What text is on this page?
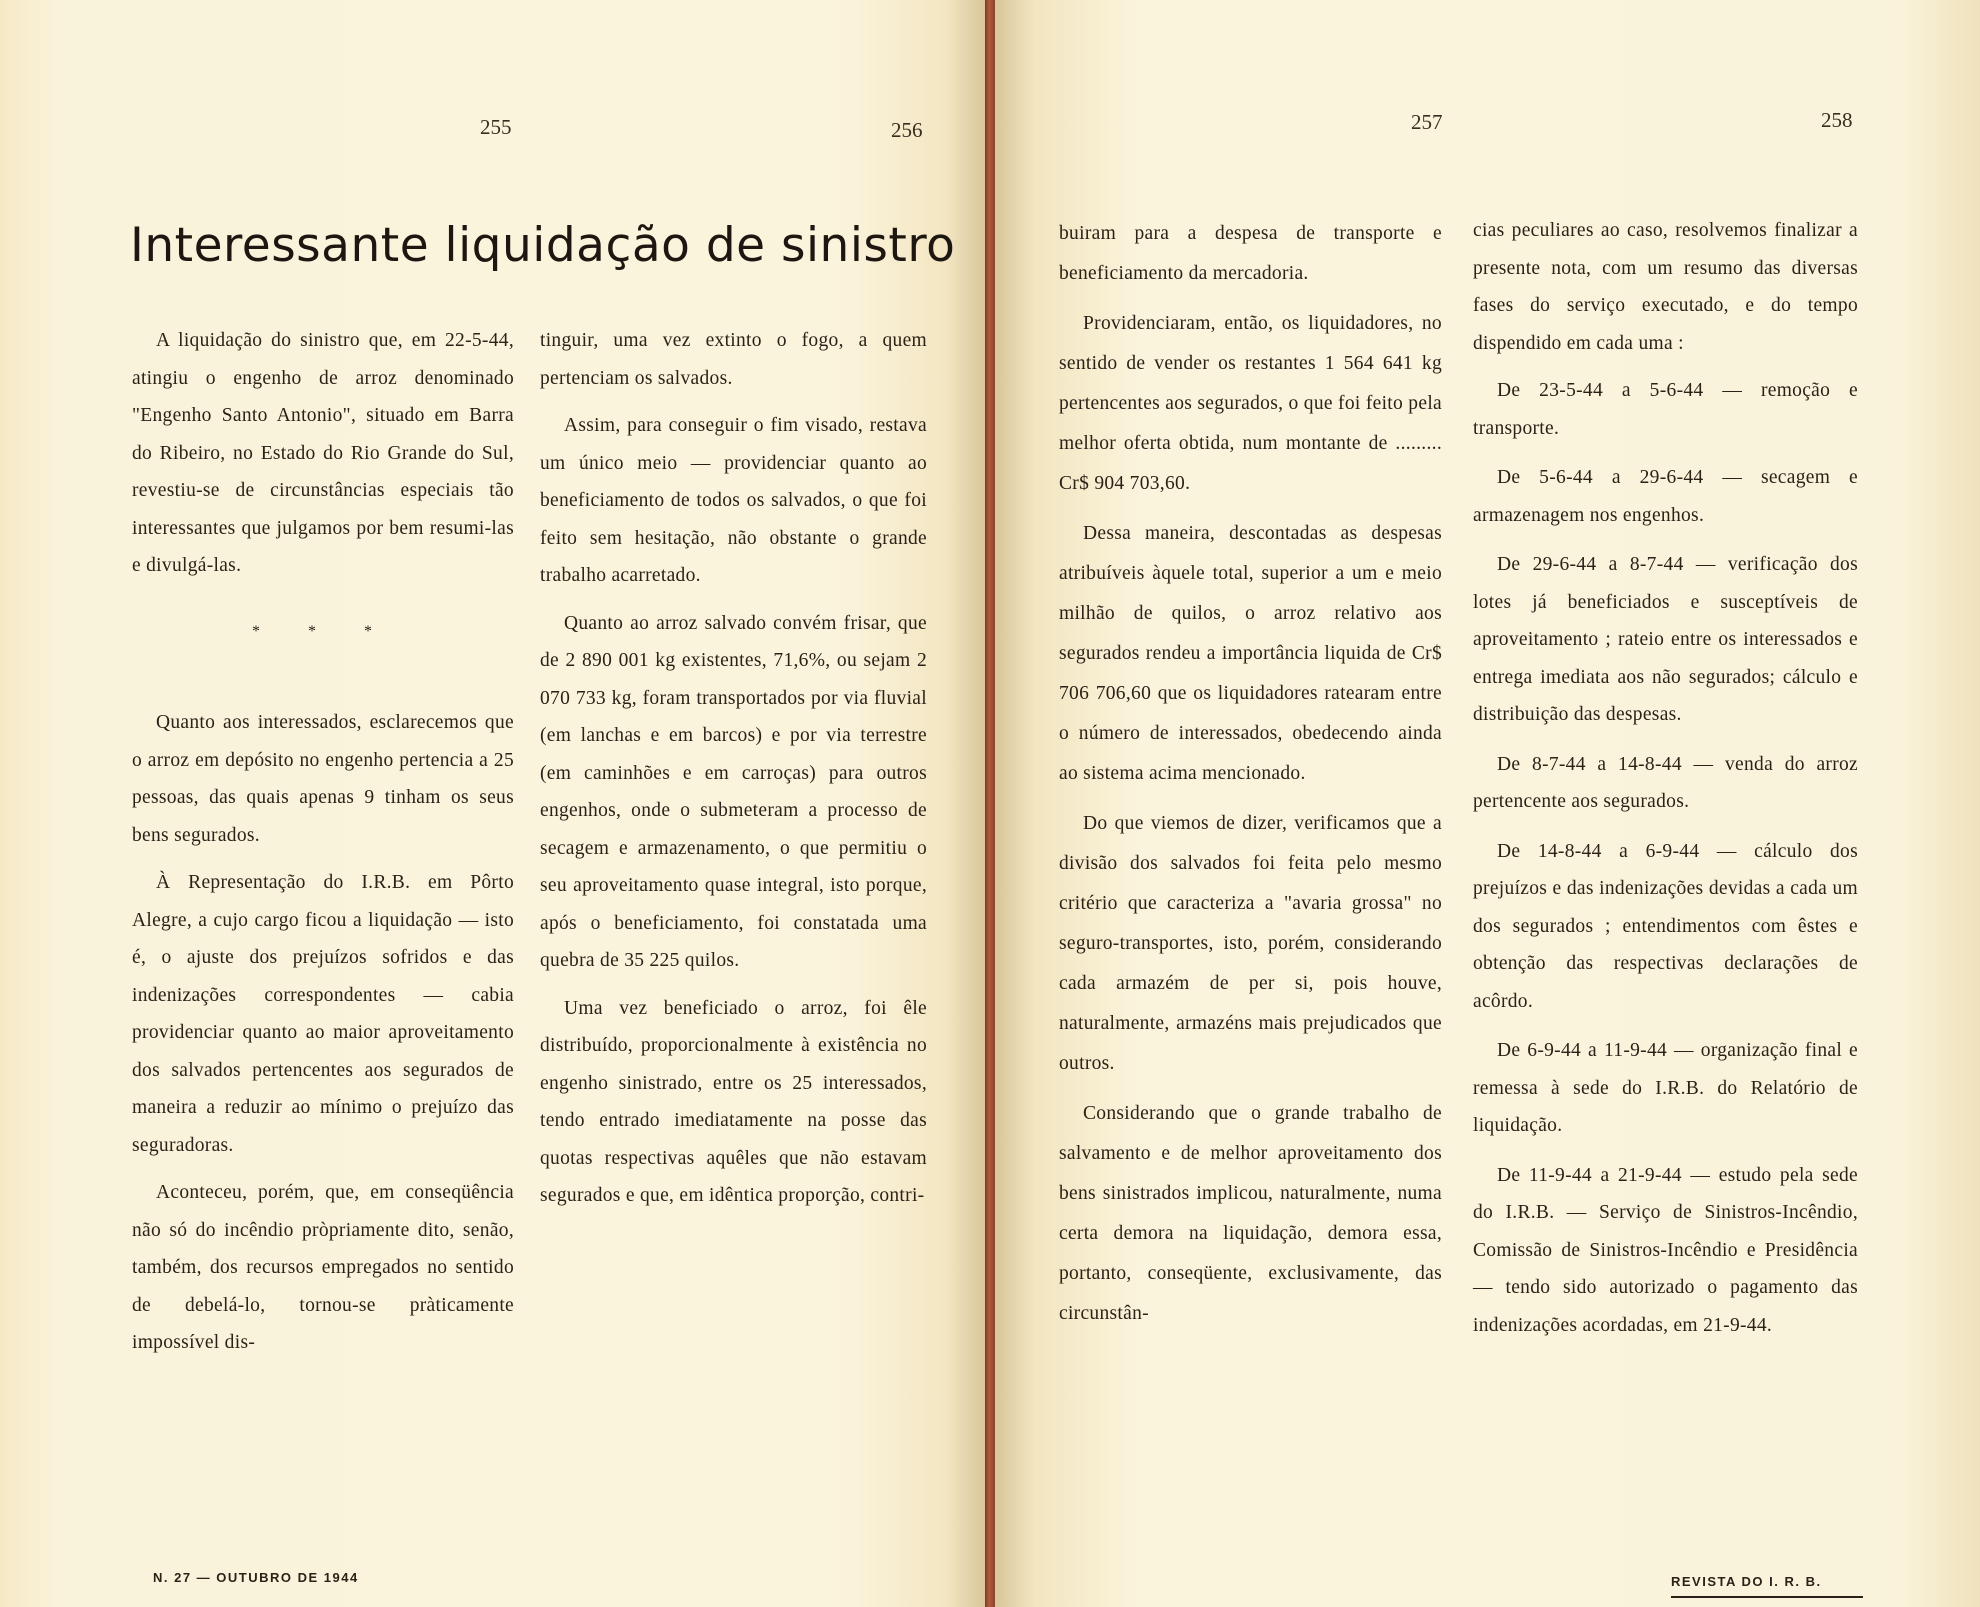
255	256
Interessante liquidação de sinistro

A liquidação do sinistro que, em 22-5-44, atingiu o engenho de arroz denominado "Engenho Santo Antonio", situado em Barra do Ribeiro, no Estado do Rio Grande do Sul, revestiu-se de circunstâncias especiais tão interessantes que julgamos por bem resumi-las e divulgá-las.

* * *

Quanto aos interessados, esclarecemos que o arroz em depósito no engenho pertencia a 25 pessoas, das quais apenas 9 tinham os seus bens segurados.

À Representação do I.R.B. em Pôrto Alegre, a cujo cargo ficou a liquidação — isto é, o ajuste dos prejuízos sofridos e das indenizações correspondentes — cabia providenciar quanto ao maior aproveitamento dos salvados pertencentes aos segurados de maneira a reduzir ao mínimo o prejuízo das seguradoras.

Aconteceu, porém, que, em conseqüência não só do incêndio pròpriamente dito, senão, também, dos recursos empregados no sentido de debelá-lo, tornou-se pràticamente impossível dis-

tinguir, uma vez extinto o fogo, a quem pertenciam os salvados.

Assim, para conseguir o fim visado, restava um único meio — providenciar quanto ao beneficiamento de todos os salvados, o que foi feito sem hesitação, não obstante o grande trabalho acarretado.

Quanto ao arroz salvado convém frisar, que de 2 890 001 kg existentes, 71,6%, ou sejam 2 070 733 kg, foram transportados por via fluvial (em lanchas e em barcos) e por via terrestre (em caminhões e em carroças) para outros engenhos, onde o submeteram a processo de secagem e armazenamento, o que permitiu o seu aproveitamento quase integral, isto porque, após o beneficiamento, foi constatada uma quebra de 35 225 quilos.

Uma vez beneficiado o arroz, foi êle distribuído, proporcionalmente à existência no engenho sinistrado, entre os 25 interessados, tendo entrado imediatamente na posse das quotas respectivas aquêles que não estavam segurados e que, em idêntica proporção, contri-

N. 27 — OUTUBRO DE 1944
257	258

buiram para a despesa de transporte e beneficiamento da mercadoria.

Providenciaram, então, os liquidadores, no sentido de vender os restantes 1 564 641 kg pertencentes aos segurados, o que foi feito pela melhor oferta obtida, num montante de ......... Cr$ 904 703,60.

Dessa maneira, descontadas as despesas atribuíveis àquele total, superior a um e meio milhão de quilos, o arroz relativo aos segurados rendeu a importância liquida de Cr$ 706 706,60 que os liquidadores ratearam entre o número de interessados, obedecendo ainda ao sistema acima mencionado.

Do que viemos de dizer, verificamos que a divisão dos salvados foi feita pelo mesmo critério que caracteriza a "avaria grossa" no seguro-transportes, isto, porém, considerando cada armazém de per si, pois houve, naturalmente, armazéns mais prejudicados que outros.

Considerando que o grande trabalho de salvamento e de melhor aproveitamento dos bens sinistrados implicou, naturalmente, numa certa demora na liquidação, demora essa, portanto, conseqüente, exclusivamente, das circunstân-

cias peculiares ao caso, resolvemos finalizar a presente nota, com um resumo das diversas fases do serviço executado, e do tempo dispendido em cada uma :

De 23-5-44 a 5-6-44 — remoção e transporte.

De 5-6-44 a 29-6-44 — secagem e armazenagem nos engenhos.

De 29-6-44 a 8-7-44 — verificação dos lotes já beneficiados e susceptíveis de aproveitamento ; rateio entre os interessados e entrega imediata aos não segurados; cálculo e distribuição das despesas.

De 8-7-44 a 14-8-44 — venda do arroz pertencente aos segurados.

De 14-8-44 a 6-9-44 — cálculo dos prejuízos e das indenizações devidas a cada um dos segurados ; entendimentos com êstes e obtenção das respectivas declarações de acôrdo.

De 6-9-44 a 11-9-44 — organização final e remessa à sede do I.R.B. do Relatório de liquidação.

De 11-9-44 a 21-9-44 — estudo pela sede do I.R.B. — Serviço de Sinistros-Incêndio, Comissão de Sinistros-Incêndio e Presidência — tendo sido autorizado o pagamento das indenizações acordadas, em 21-9-44.

REVISTA DO I. R. B.
